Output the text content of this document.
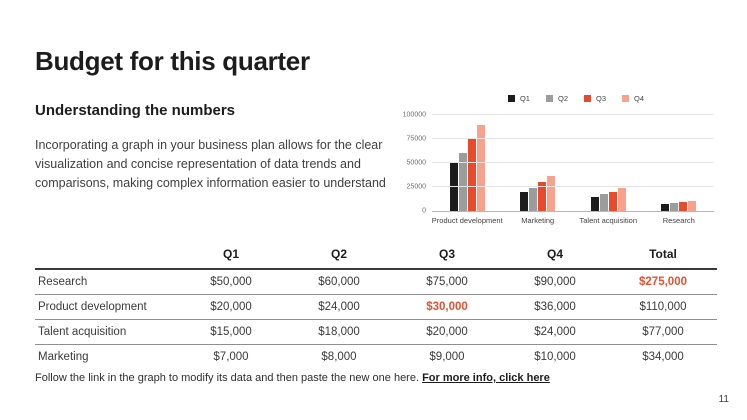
Budget for this quarter
Understanding the numbers

Incorporating a graph in your business plan allows for the clear visualization and concise representation of data trends and comparisons, making complex information easier to understand

Q1	Q2	Q3	Q4
Product development Marketing	Talent acquisition	Research
0
25000
50000
75000
100000
	Q1	Q2	Q3	Q4	Total
Research	$50,000	$60,000	$75,000	$90,000	$275,000
Product development	$20,000	$24,000	$30,000	$36,000	$110,000
Talent acquisition	$15,000	$18,000	$20,000	$24,000	$77,000
Marketing	$7,000	$8,000	$9,000	$10,000	$34,000

Follow the link in the graph to modify its data and then paste the new one here. For more info, click here

11
